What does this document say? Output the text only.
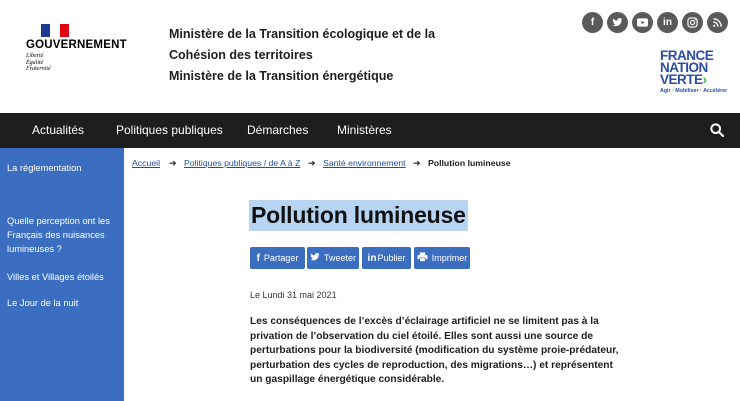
GOUVERNEMENT
Liberté
Égalité
Fraternité
Ministère de la Transition écologique et de la
Cohésion des territoires
Ministère de la Transition énergétique
f	in
FRANCE
NATION
VERTE›
Agir · Mobiliser · Accélérer
Actualités	Politiques publiques Démarches Ministères
La réglementation
Quelle perception ont les Français des nuisances lumineuses ?
Villes et Villages étoilés
Le Jour de la nuit
Accueil ➔ Politiques publiques / de A à Z ➔ Santé environnement ➔ Pollution lumineuse
Pollution lumineuse
f Partager	Tweeter in Publier	Imprimer
Le Lundi 31 mai 2021
Les conséquences de l’excès d’éclairage artificiel ne se limitent pas à la privation de l’observation du ciel étoilé. Elles sont aussi une source de perturbations pour la biodiversité (modification du système proie-prédateur, perturbation des cycles de reproduction, des migrations…) et représentent un gaspillage énergétique considérable.
